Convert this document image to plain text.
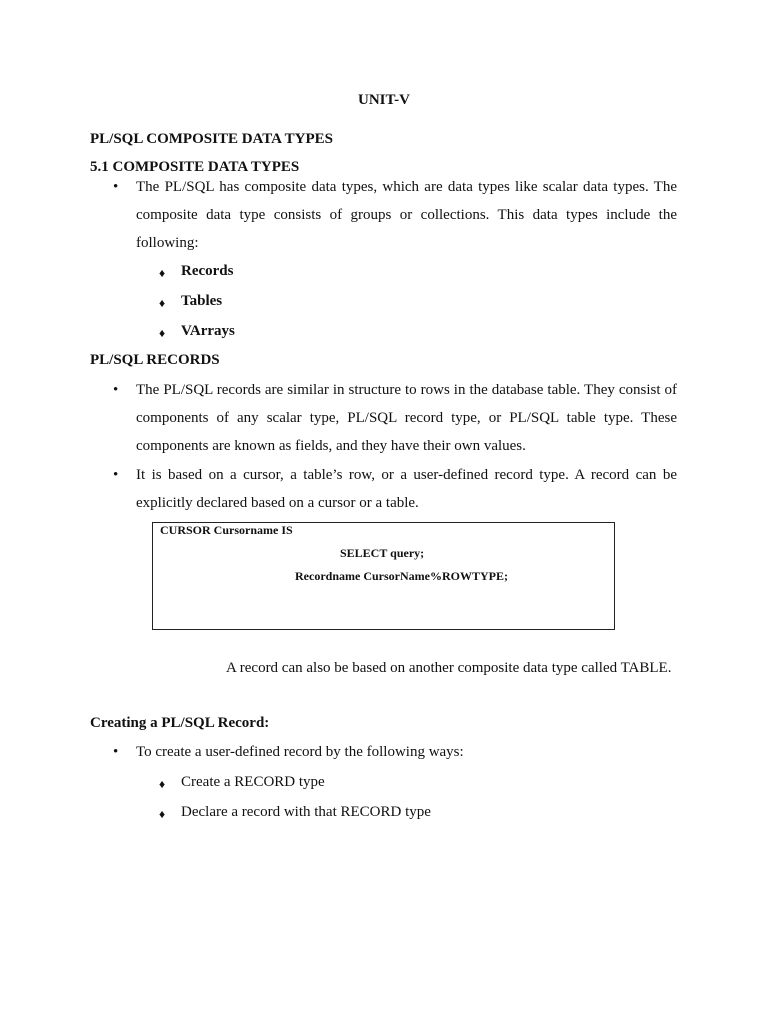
UNIT-V
PL/SQL COMPOSITE DATA TYPES
5.1 COMPOSITE DATA TYPES
•	The PL/SQL has composite data types, which are data types like scalar data types. The composite data type consists of groups or collections. This data types include the following:
♦ Records
♦ Tables
♦ VArrays
PL/SQL RECORDS
•	The PL/SQL records are similar in structure to rows in the database table. They consist of components of any scalar type, PL/SQL record type, or PL/SQL table type. These components are known as fields, and they have their own values.
•	It is based on a cursor, a table’s row, or a user-defined record type. A record can be explicitly declared based on a cursor or a table.
CURSOR Cursorname IS
SELECT query;
Recordname CursorName%ROWTYPE;
A record can also be based on another composite data type called TABLE.
Creating a PL/SQL Record:
•	To create a user-defined record by the following ways:
♦ Create a RECORD type
♦ Declare a record with that RECORD type
